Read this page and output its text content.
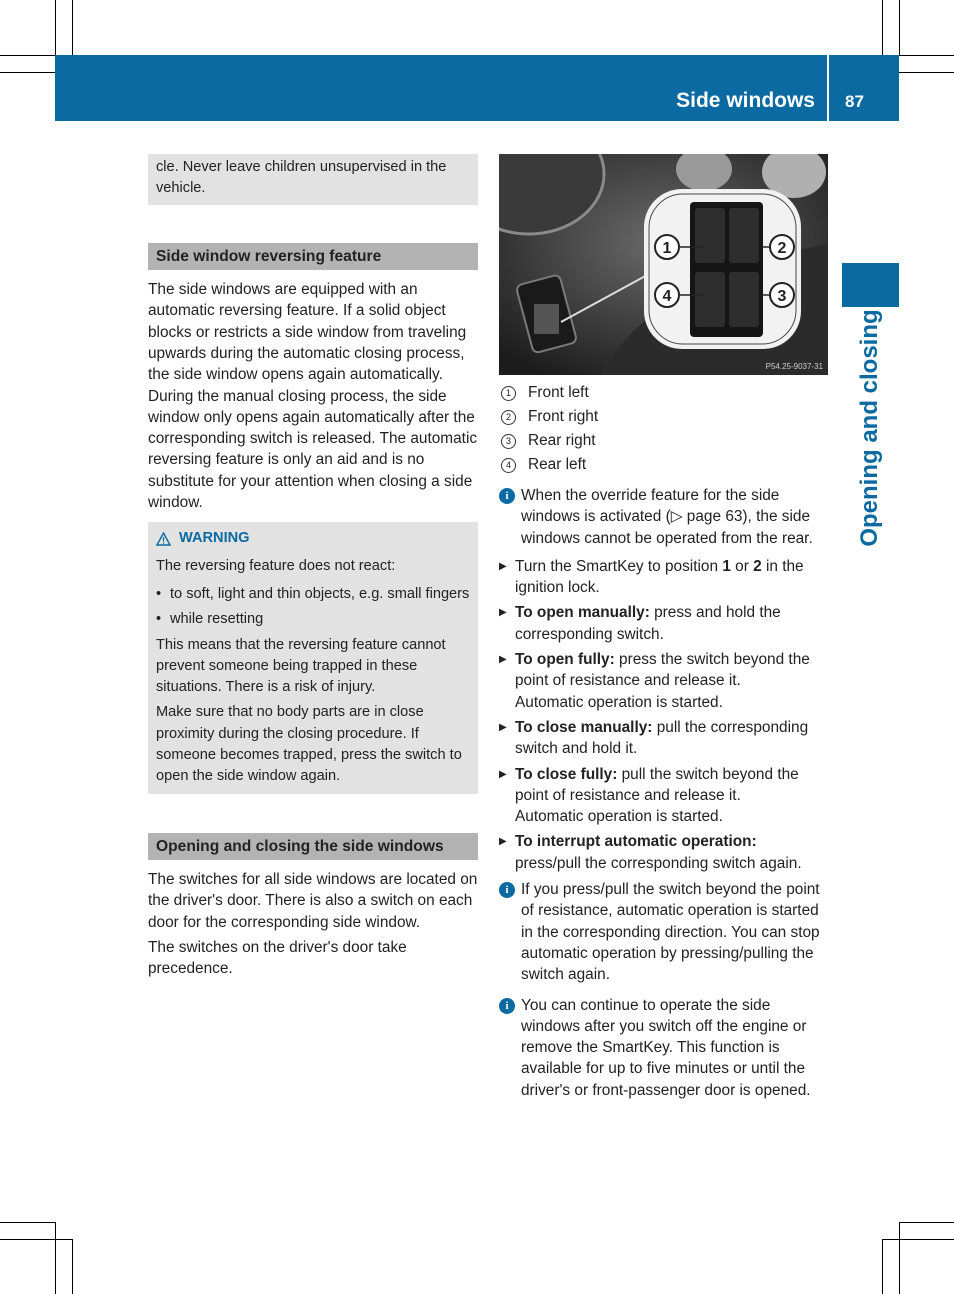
Side windows 87
Opening and closing

cle. Never leave children unsupervised in the vehicle.

Side window reversing feature

The side windows are equipped with an automatic reversing feature. If a solid object blocks or restricts a side window from traveling upwards during the automatic closing process, the side window opens again automatically. During the manual closing process, the side window only opens again automatically after the corresponding switch is released. The automatic reversing feature is only an aid and is no substitute for your attention when closing a side window.

WARNING

The reversing feature does not react:

• to soft, light and thin objects, e.g. small fingers
• while resetting

This means that the reversing feature cannot prevent someone being trapped in these situations. There is a risk of injury.

Make sure that no body parts are in close proximity during the closing procedure. If someone becomes trapped, press the switch to open the side window again.

Opening and closing the side windows

The switches for all side windows are located on the driver's door. There is also a switch on each door for the corresponding side window.

The switches on the driver's door take precedence.

1	2
3
4
P54.25-9037-31
1	Front left
2	Front right
3	Rear right
4	Rear left
i When the override feature for the side windows is activated (▷ page 63), the side windows cannot be operated from the rear.

▶ Turn the SmartKey to position 1 or 2 in the ignition lock.

▶ To open manually: press and hold the corresponding switch.

▶ To open fully: press the switch beyond the point of resistance and release it.

Automatic operation is started.

▶ To close manually: pull the corresponding switch and hold it.

▶ To close fully: pull the switch beyond the point of resistance and release it.

Automatic operation is started.

▶ To interrupt automatic operation:

press/pull the corresponding switch again.

i If you press/pull the switch beyond the point of resistance, automatic operation is started in the corresponding direction. You can stop automatic operation by pressing/pulling the switch again.

i You can continue to operate the side windows after you switch off the engine or remove the SmartKey. This function is available for up to five minutes or until the driver's or front-passenger door is opened.
